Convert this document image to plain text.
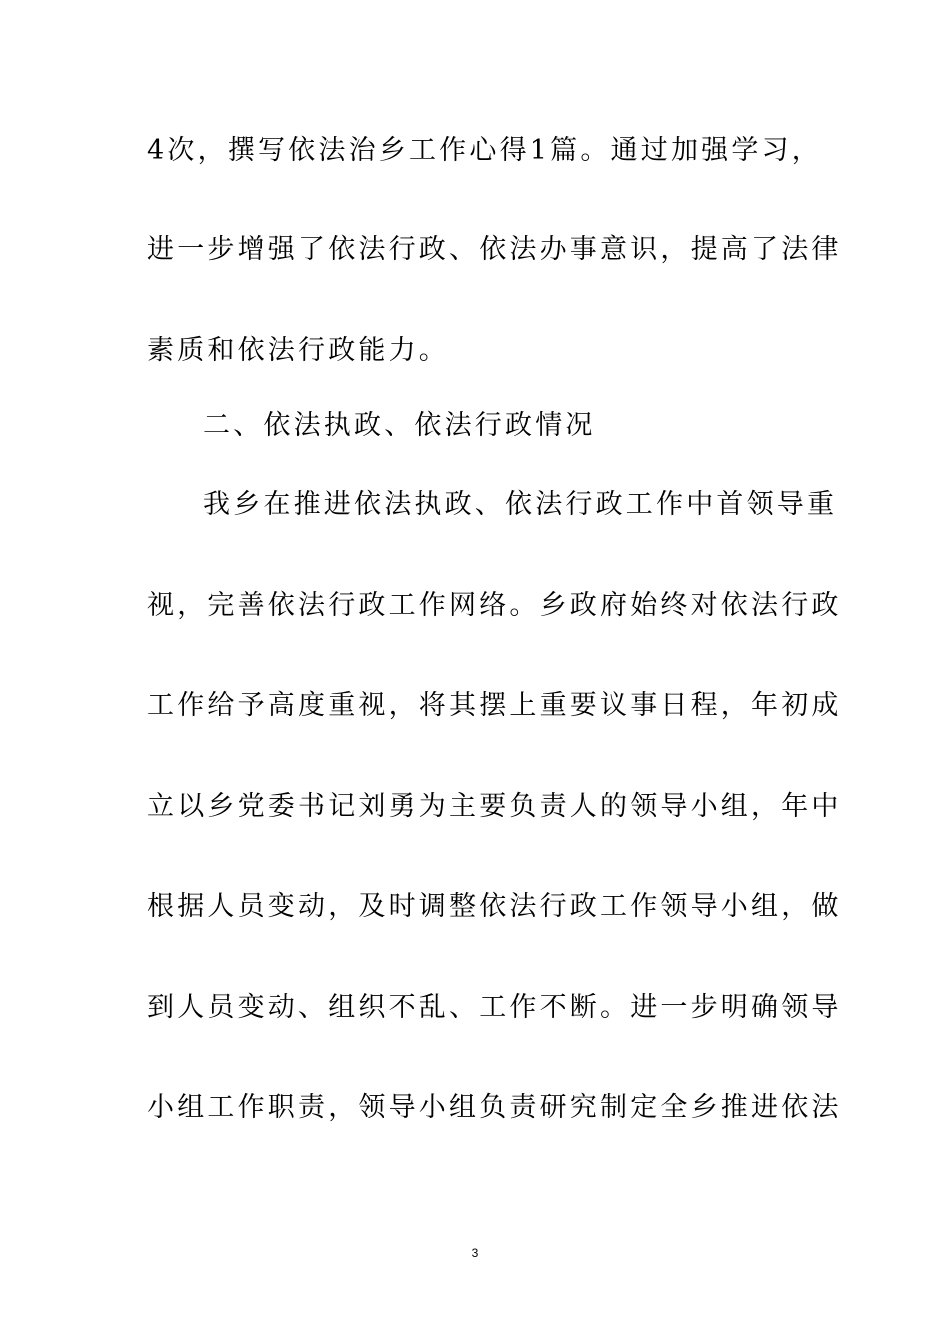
4次，撰写依法治乡工作心得1篇。通过加强学习，
进一步增强了依法行政、依法办事意识，提高了法律
素质和依法行政能力。
二、依法执政、依法行政情况
我乡在推进依法执政、依法行政工作中首领导重
视，完善依法行政工作网络。乡政府始终对依法行政
工作给予高度重视，将其摆上重要议事日程，年初成
立以乡党委书记刘勇为主要负责人的领导小组，年中
根据人员变动，及时调整依法行政工作领导小组，做
到人员变动、组织不乱、工作不断。进一步明确领导
小组工作职责，领导小组负责研究制定全乡推进依法
3
